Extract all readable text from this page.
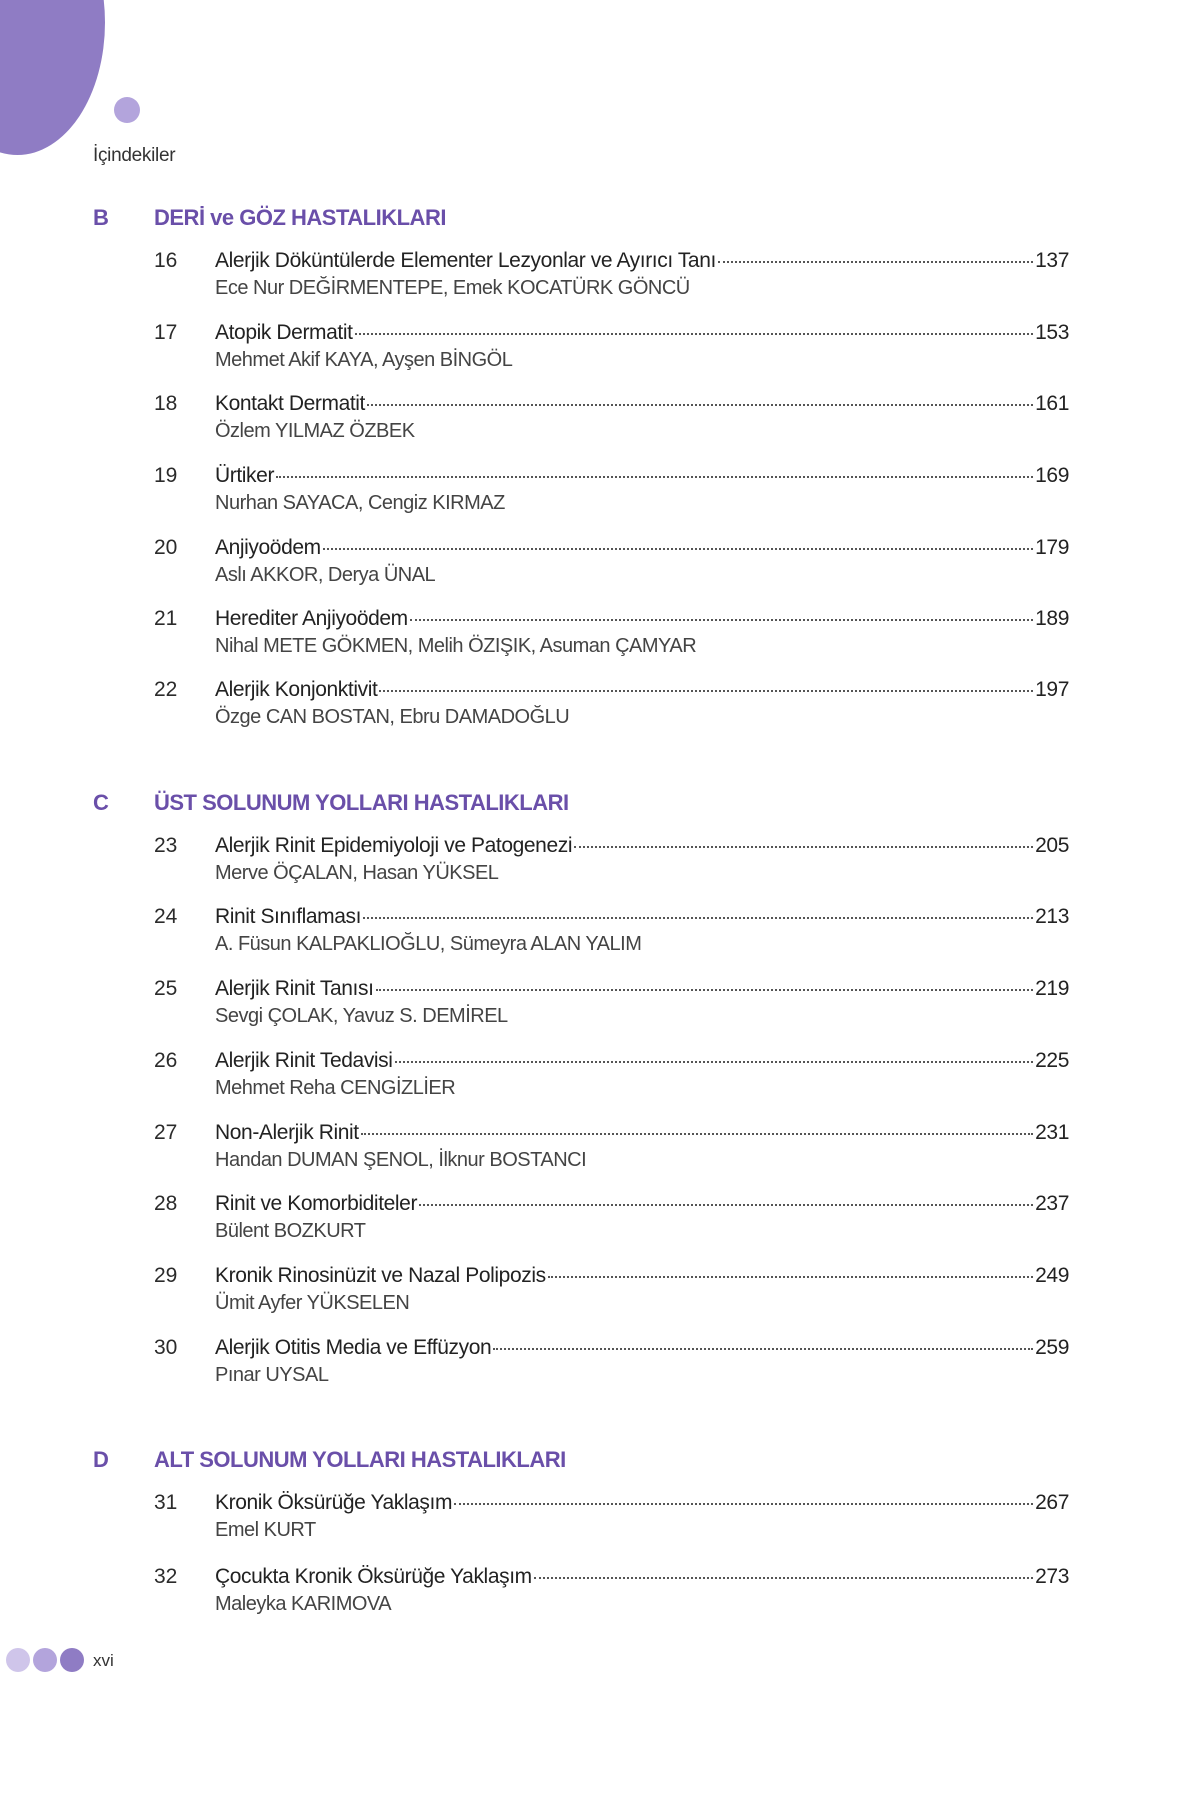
İçindekiler
B DERİ ve GÖZ HASTALIKLARI
16 Alerjik Döküntülerde Elementer Lezyonlar ve Ayırıcı Tanı	137
Ece Nur DEĞİRMENTEPE, Emek KOCATÜRK GÖNCÜ
17 Atopik Dermatit	153
Mehmet Akif KAYA, Ayşen BİNGÖL
18 Kontakt Dermatit	161
Özlem YILMAZ ÖZBEK
19 Ürtiker	169
Nurhan SAYACA, Cengiz KIRMAZ
20 Anjiyoödem	179
Aslı AKKOR, Derya ÜNAL
21 Herediter Anjiyoödem	189
Nihal METE GÖKMEN, Melih ÖZIŞIK, Asuman ÇAMYAR
22 Alerjik Konjonktivit	197
Özge CAN BOSTAN, Ebru DAMADOĞLU
C ÜST SOLUNUM YOLLARI HASTALIKLARI
23 Alerjik Rinit Epidemiyoloji ve Patogenezi	205
Merve ÖÇALAN, Hasan YÜKSEL
24 Rinit Sınıflaması	213
A. Füsun KALPAKLIOĞLU, Sümeyra ALAN YALIM
25 Alerjik Rinit Tanısı	219
Sevgi ÇOLAK, Yavuz S. DEMİREL
26 Alerjik Rinit Tedavisi	225
Mehmet Reha CENGİZLİER
27 Non-Alerjik Rinit	231
Handan DUMAN ŞENOL, İlknur BOSTANCI
28 Rinit ve Komorbiditeler	237
Bülent BOZKURT
29 Kronik Rinosinüzit ve Nazal Polipozis	249
Ümit Ayfer YÜKSELEN
30 Alerjik Otitis Media ve Effüzyon	259
Pınar UYSAL
D ALT SOLUNUM YOLLARI HASTALIKLARI
31 Kronik Öksürüğe Yaklaşım	267
Emel KURT
32 Çocukta Kronik Öksürüğe Yaklaşım	273
Maleyka KARIMOVA
xvi
